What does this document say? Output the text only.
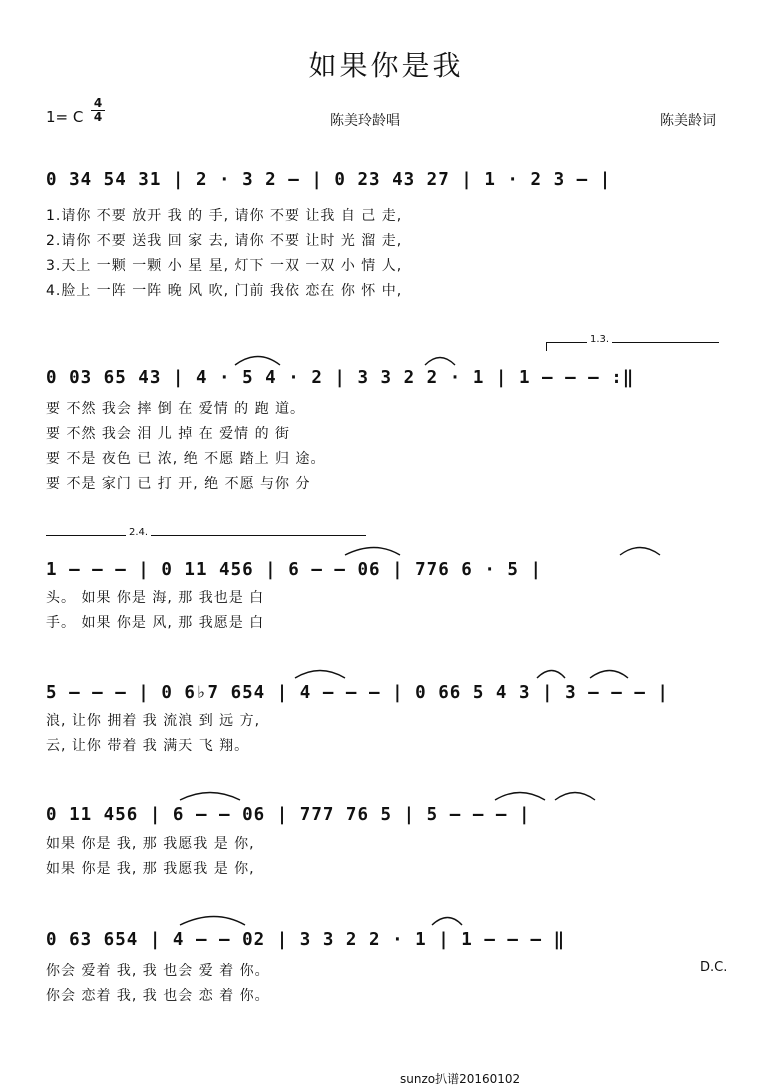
如果你是我
1= C
4
4	陈美玲龄唱	陈美龄词
0 34 54 31 | 2 · 3 2 – | 0 23 43 27 | 1 · 2 3 – |
1.请你 不要 放开 我 的 手, 请你 不要 让我 自 己 走,
2.请你 不要 送我 回 家 去, 请你 不要 让时 光 溜 走,
3.天上 一颗 一颗 小 星 星, 灯下 一双 一双 小 情 人,
4.脸上 一阵 一阵 晚 风 吹, 门前 我依 恋在 你 怀 中,
1.3.
0 03 65 43 | 4 · 5 4 · 2 | 3 3 2 2 · 1 | 1 – – – :‖
要 不然 我会 摔 倒 在 爱情 的 跑 道。
要 不然 我会 泪 儿 掉 在 爱情 的 街
要 不是 夜色 已 浓, 绝 不愿 踏上 归 途。
要 不是 家门 已 打 开, 绝 不愿 与你 分
2.4.
1 – – – | 0 11 456 | 6 – – 06 | 776 6 · 5 |
头。 如果 你是 海, 那 我也是 白
手。 如果 你是 风, 那 我愿是 白
5 – – – | 0 6♭7 654 | 4 – – – | 0 66 5 4 3 | 3 – – – |
浪, 让你 拥着 我 流浪 到 远 方,
云, 让你 带着 我 满天 飞 翔。
0 11 456 | 6 – – 06 | 777 76 5 | 5 – – – |
如果 你是 我, 那 我愿我 是 你,
如果 你是 我, 那 我愿我 是 你,
0 63 654 | 4 – – 02 | 3 3 2 2 · 1 | 1 – – – ‖
你会 爱着 我, 我 也会 爱 着 你。
你会 恋着 我, 我 也会 恋 着 你。
D.C.
sunzo扒谱20160102
